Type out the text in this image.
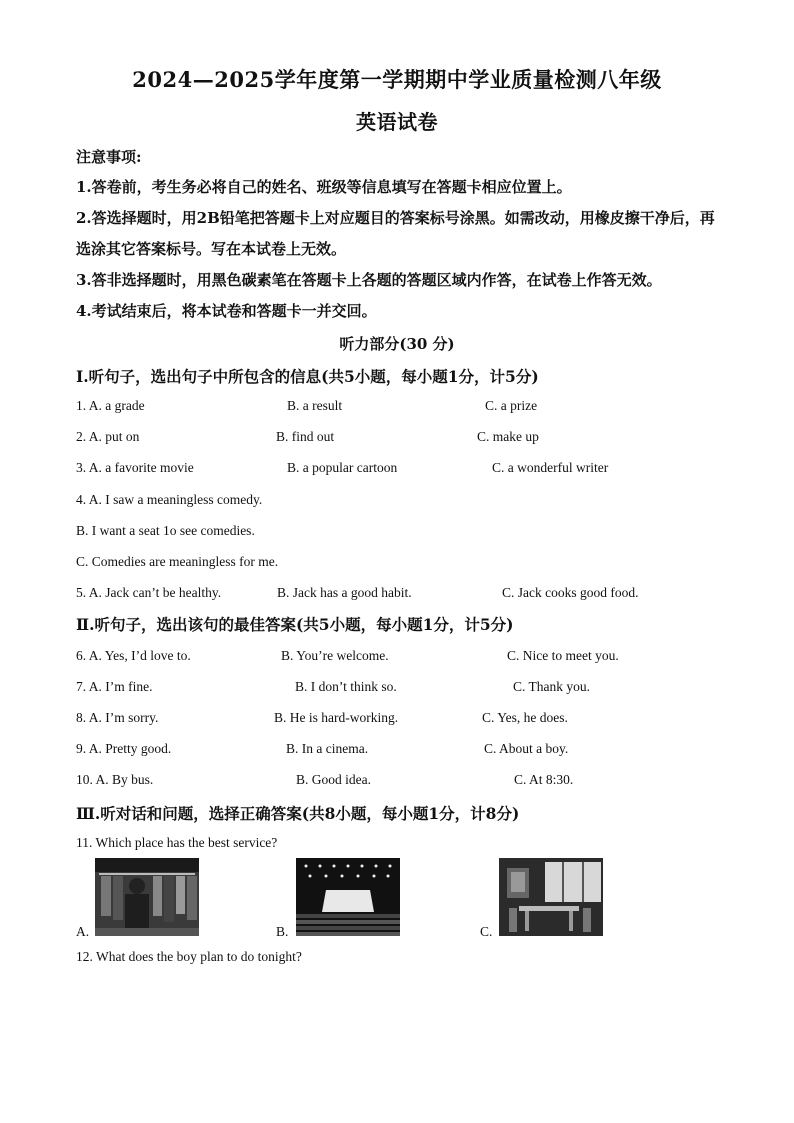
2024—2025学年度第一学期期中学业质量检测八年级
英语试卷
注意事项:
1.答卷前，考生务必将自己的姓名、班级等信息填写在答题卡相应位置上。
2.答选择题时，用2B铅笔把答题卡上对应题目的答案标号涂黑。如需改动，用橡皮擦干净后，再选涂其它答案标号。写在本试卷上无效。
3.答非选择题时，用黑色碳素笔在答题卡上各题的答题区域内作答，在试卷上作答无效。
4.考试结束后，将本试卷和答题卡一并交回。
听力部分(30 分)
Ⅰ.听句子，选出句子中所包含的信息(共5小题，每小题1分，计5分)
1. A. a grade	B. a result	C. a prize
2. A. put on	B. find out	C. make up
3. A. a favorite movie	B. a popular cartoon	C. a wonderful writer
4. A. I saw a meaningless comedy.
B. I want a seat 1o see comedies.
C. Comedies are meaningless for me.
5. A. Jack can’t be healthy.	B. Jack has a good habit.	C. Jack cooks good food.
Ⅱ.听句子，选出该句的最佳答案(共5小题，每小题1分，计5分)
6. A. Yes, I’d love to.	B. You’re welcome.	C. Nice to meet you.
7. A. I’m fine.	B. I don’t think so.	C. Thank you.
8. A. I’m sorry.	B. He is hard-working.	C. Yes, he does.
9. A. Pretty good.	B. In a cinema.	C. About a boy.
10. A. By bus.	B. Good idea.	C. At 8:30.
Ⅲ.听对话和问题，选择正确答案(共8小题，每小题1分，计8分)
11. Which place has the best service?
A.	B.	C.
12. What does the boy plan to do tonight?
